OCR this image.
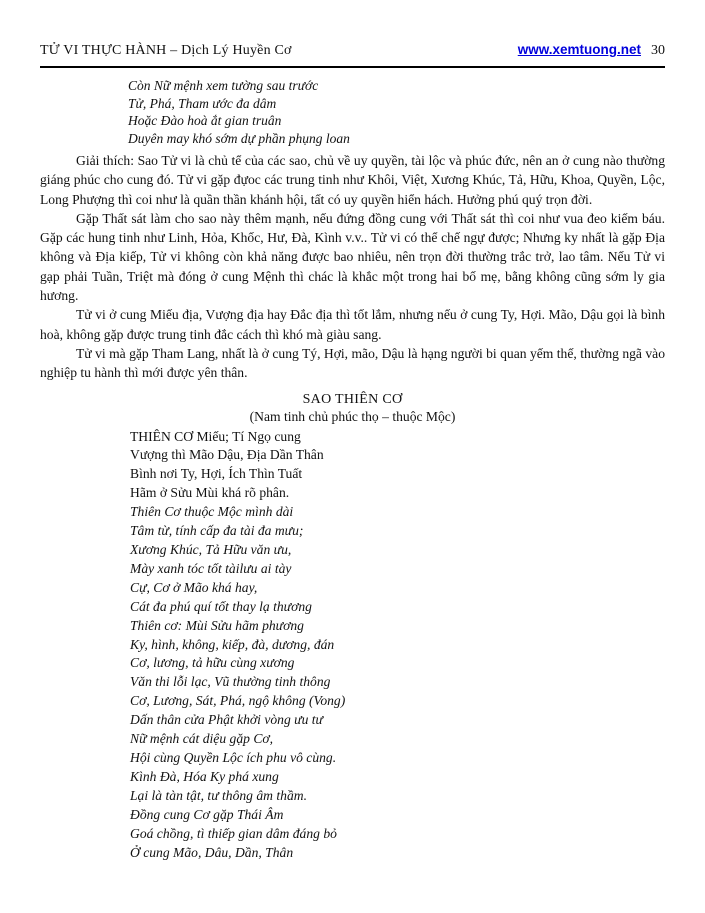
TỬ VI THỰC HÀNH – Dịch Lý Huyền Cơ	www.xemtuong.net 30
Còn Nữ mệnh xem tường sau trước
Tử, Phá, Tham ước đa dâm
Hoặc Đào hoà ắt gian truân
Duyên may khó sớm dự phần phụng loan

Giải thích: Sao Tử vi là chủ tể của các sao, chủ về uy quyền, tài lộc và phúc đức, nên an ở cung nào thường giáng phúc cho cung đó. Tử vi gặp đựoc các trung tinh như Khôi, Việt, Xương Khúc, Tả, Hữu, Khoa, Quyền, Lộc, Long Phượng thì coi như là quần thần khánh hội, tất có uy quyền hiển hách. Hưởng phú quý trọn đời.

Gặp Thất sát làm cho sao này thêm mạnh, nếu đứng đồng cung với Thất sát thì coi như vua đeo kiếm báu. Gặp các hung tinh như Linh, Hỏa, Khốc, Hư, Đà, Kình v.v.. Tử vi có thể chế ngự được; Nhưng ky nhất là gặp Địa không và Địa kiếp, Tử vi không còn khả năng được bao nhiêu, nên trọn đời thường trắc trở, lao tâm. Nếu Tử vi gạp phải Tuần, Triệt mà đóng ở cung Mệnh thì chác là khắc một trong hai bố mẹ, bằng không cũng sớm ly gia hương.

Tử vi ở cung Miếu địa, Vượng địa hay Đắc địa thì tốt lắm, nhưng nếu ở cung Ty, Hợi. Mão, Dậu gọi là bình hoà, không gặp được trung tinh đắc cách thì khó mà giàu sang.

Tử vi mà gặp Tham Lang, nhất là ở cung Tý, Hợi, mão, Dậu là hạng người bi quan yếm thế, thường ngã vào nghiệp tu hành thì mới được yên thân.

SAO THIÊN CƠ
(Nam tinh chủ phúc thọ – thuộc Mộc)
THIÊN CƠ Miếu; Tí Ngọ cung
Vượng thì Mão Dậu, Địa Dần Thân
Bình nơi Ty, Hợi, Ích Thìn Tuất
Hãm ở Sửu Mùi khá rõ phân.
Thiên Cơ thuộc Mộc mình dài
Tâm từ, tính cấp đa tài đa mưu;
Xương Khúc, Tả Hữu văn ưu,
Mày xanh tóc tốt tàilưu ai tày
Cự, Cơ ở Mão khá hay,
Cát đa phú quí tốt thay lạ thương
Thiên cơ: Mùi Sửu hãm phương
Ky, hình, không, kiếp, đà, dương, đán
Cơ, lương, tả hữu cùng xương
Văn thi lỗi lạc, Vũ thường tinh thông
Cơ, Lương, Sát, Phá, ngộ không (Vong)
Dấn thân cửa Phật khởi vòng ưu tư
Nữ mệnh cát diệu gặp Cơ,
Hội cùng Quyền Lộc ích phu vô cùng.
Kình Đà, Hóa Ky phá xung
Lại là tàn tật, tư thông âm thầm.
Đồng cung Cơ gặp Thái Âm
Goá chồng, tì thiếp gian dâm đáng bỏ
Ở cung Mão, Dâu, Dần, Thân
